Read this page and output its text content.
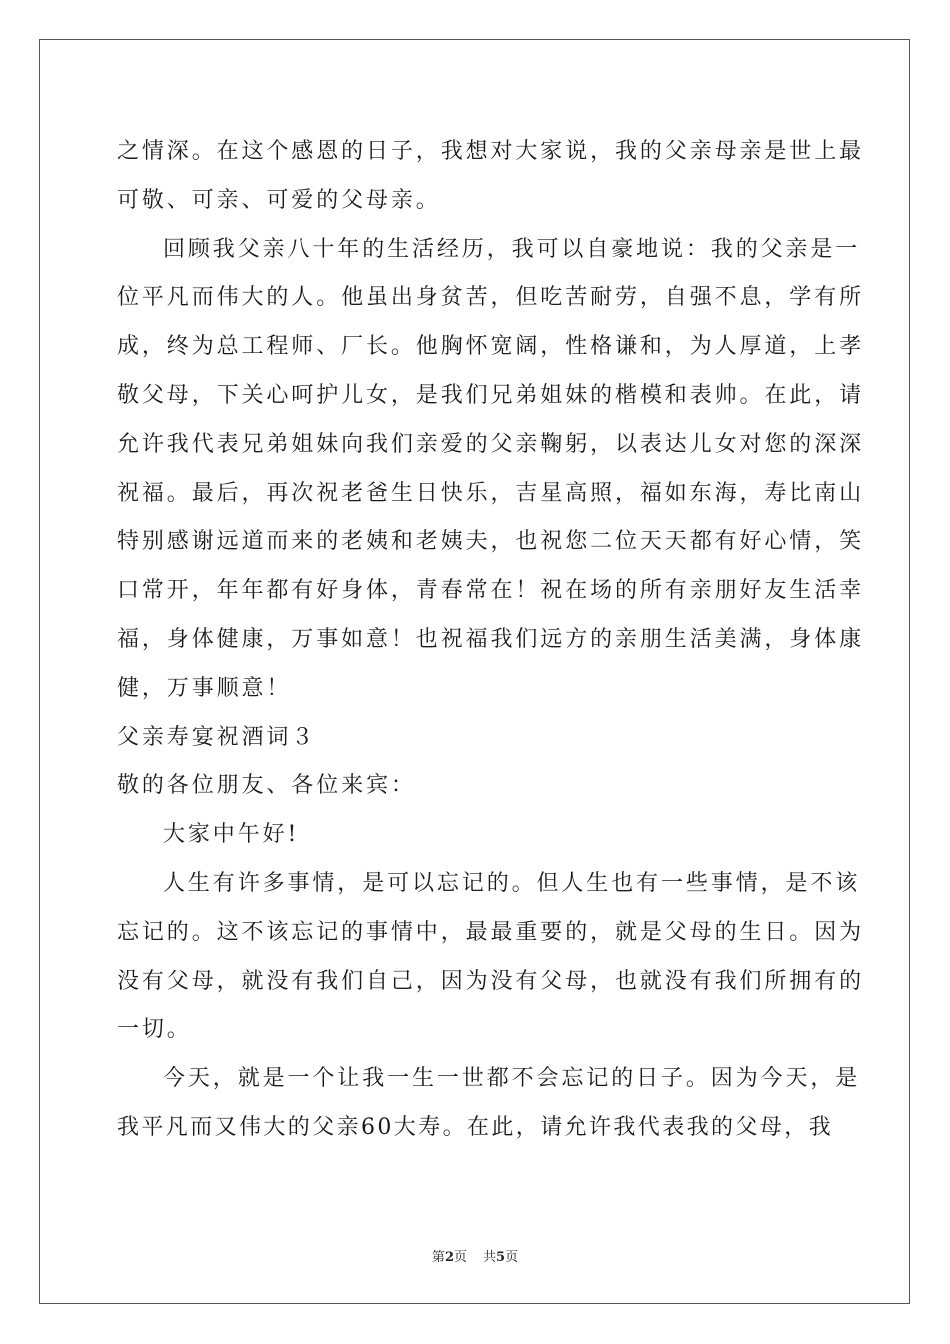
之情深。在这个感恩的日子，我想对大家说，我的父亲母亲是世上最
可敬、可亲、可爱的父母亲。
回顾我父亲八十年的生活经历，我可以自豪地说：我的父亲是一
位平凡而伟大的人。他虽出身贫苦，但吃苦耐劳，自强不息，学有所
成，终为总工程师、厂长。他胸怀宽阔，性格谦和，为人厚道，上孝
敬父母，下关心呵护儿女，是我们兄弟姐妹的楷模和表帅。在此，请
允许我代表兄弟姐妹向我们亲爱的父亲鞠躬，以表达儿女对您的深深
祝福。最后，再次祝老爸生日快乐，吉星高照，福如东海，寿比南山
特别感谢远道而来的老姨和老姨夫，也祝您二位天天都有好心情，笑
口常开，年年都有好身体，青春常在！祝在场的所有亲朋好友生活幸
福，身体健康，万事如意！也祝福我们远方的亲朋生活美满，身体康
健，万事顺意！
父亲寿宴祝酒词３
敬的各位朋友、各位来宾：
大家中午好!
人生有许多事情，是可以忘记的。但人生也有一些事情，是不该
忘记的。这不该忘记的事情中，最最重要的，就是父母的生日。因为
没有父母，就没有我们自己，因为没有父母，也就没有我们所拥有的
一切。
今天，就是一个让我一生一世都不会忘记的日子。因为今天，是
我平凡而又伟大的父亲60大寿。在此，请允许我代表我的父母，我
第2页 共5页
